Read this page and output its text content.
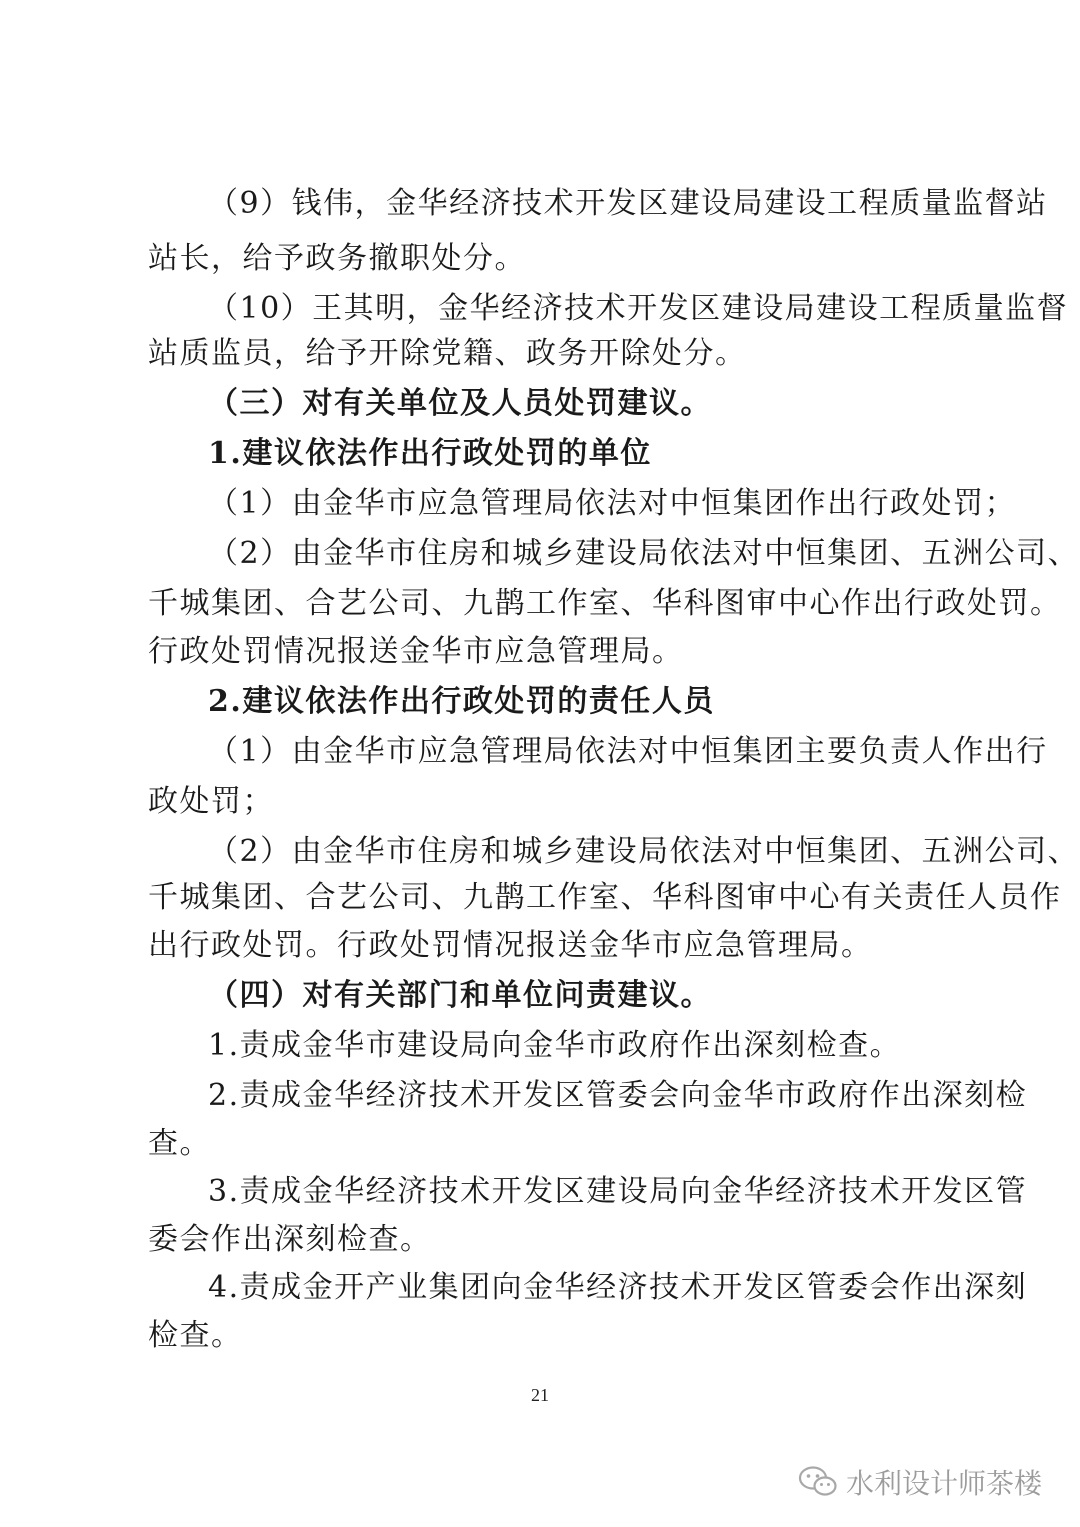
（9）钱伟，金华经济技术开发区建设局建设工程质量监督站
站长，给予政务撤职处分。
（10）王其明，金华经济技术开发区建设局建设工程质量监督
站质监员，给予开除党籍、政务开除处分。
（三）对有关单位及人员处罚建议。
1.建议依法作出行政处罚的单位
（1）由金华市应急管理局依法对中恒集团作出行政处罚；
（2）由金华市住房和城乡建设局依法对中恒集团、五洲公司、
千城集团、合艺公司、九鹊工作室、华科图审中心作出行政处罚。
行政处罚情况报送金华市应急管理局。
2.建议依法作出行政处罚的责任人员
（1）由金华市应急管理局依法对中恒集团主要负责人作出行
政处罚；
（2）由金华市住房和城乡建设局依法对中恒集团、五洲公司、
千城集团、合艺公司、九鹊工作室、华科图审中心有关责任人员作
出行政处罚。行政处罚情况报送金华市应急管理局。
（四）对有关部门和单位问责建议。
1.责成金华市建设局向金华市政府作出深刻检查。
2.责成金华经济技术开发区管委会向金华市政府作出深刻检
查。
3.责成金华经济技术开发区建设局向金华经济技术开发区管
委会作出深刻检查。
4.责成金开产业集团向金华经济技术开发区管委会作出深刻
检查。
21
水利设计师茶楼
